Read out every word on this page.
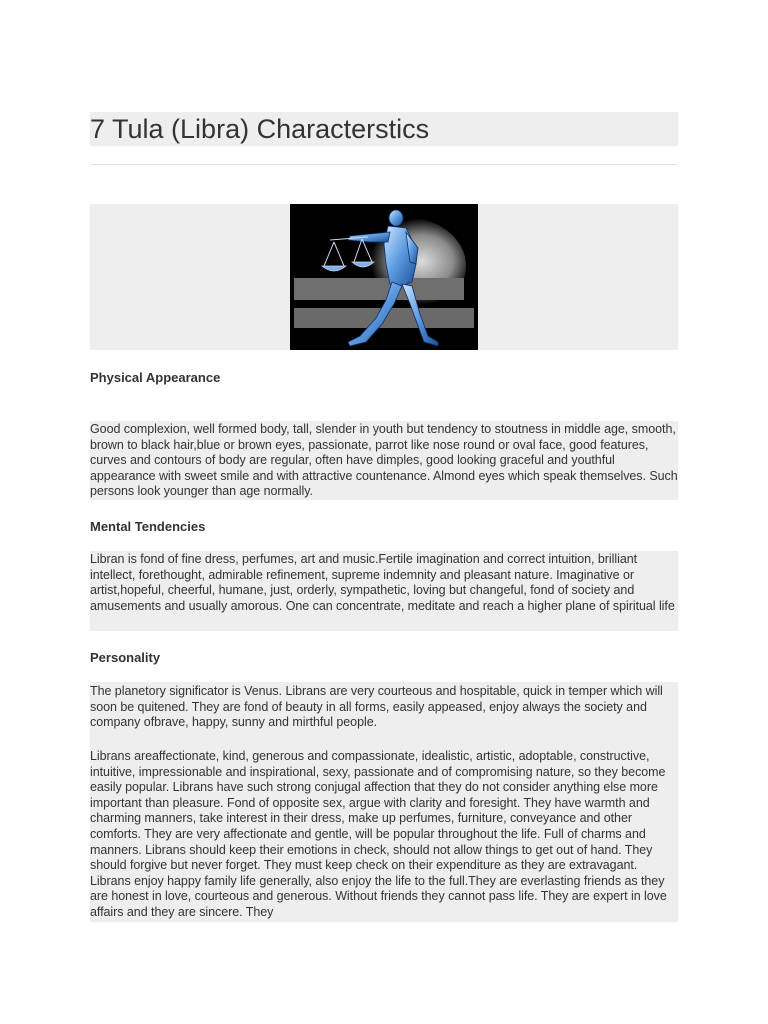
7 Tula (Libra) Characterstics
Physical Appearance

Good complexion, well formed body, tall, slender in youth but tendency to stoutness in middle age, smooth, brown to black hair,blue or brown eyes, passionate, parrot like nose round or oval face, good features, curves and contours of body are regular, often have dimples, good looking graceful and youthful appearance with sweet smile and with attractive countenance. Almond eyes which speak themselves. Such persons look younger than age normally.

Mental Tendencies

Libran is fond of fine dress, perfumes, art and music.Fertile imagination and correct intuition, brilliant intellect, forethought, admirable refinement, supreme indemnity and pleasant nature. Imaginative or artist,hopeful, cheerful, humane, just, orderly, sympathetic, loving but changeful, fond of society and amusements and usually amorous. One can concentrate, meditate and reach a higher plane of spiritual life

Personality

The planetory significator is Venus. Librans are very courteous and hospitable, quick in temper which will soon be quitened. They are fond of beauty in all forms, easily appeased, enjoy always the society and company ofbrave, happy, sunny and mirthful people.

Librans areaffectionate, kind, generous and compassionate, idealistic, artistic, adoptable, constructive, intuitive, impressionable and inspirational, sexy, passionate and of compromising nature, so they become easily popular. Librans have such strong conjugal affection that they do not consider anything else more important than pleasure. Fond of opposite sex, argue with clarity and foresight. They have warmth and charming manners, take interest in their dress, make up perfumes, furniture, conveyance and other comforts. They are very affectionate and gentle, will be popular throughout the life. Full of charms and manners. Librans should keep their emotions in check, should not allow things to get out of hand. They should forgive but never forget. They must keep check on their expenditure as they are extravagant. Librans enjoy happy family life generally, also enjoy the life to the full.They are everlasting friends as they are honest in love, courteous and generous. Without friends they cannot pass life. They are expert in love affairs and they are sincere. They
